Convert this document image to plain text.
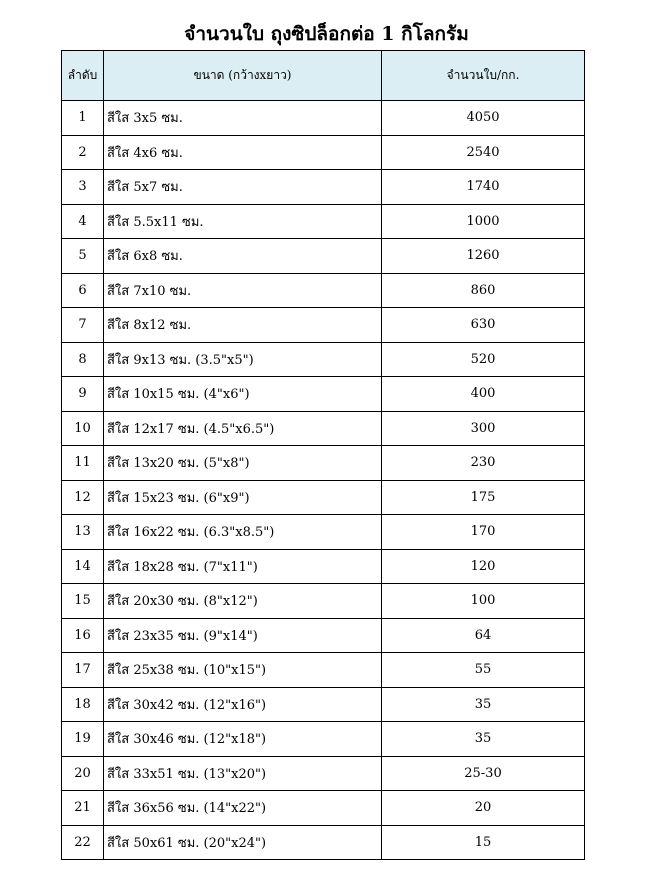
จำนวนใบ ถุงซิปล็อกต่อ 1 กิโลกรัม
ลำดับ	ขนาด (กว้างxยาว)	จำนวนใบ/กก.
1	สีใส 3x5 ซม.	4050
2	สีใส 4x6 ซม.	2540
3	สีใส 5x7 ซม.	1740
4	สีใส 5.5x11 ซม.	1000
5	สีใส 6x8 ซม.	1260
6	สีใส 7x10 ซม.	860
7	สีใส 8x12 ซม.	630
8	สีใส 9x13 ซม. (3.5"x5")	520
9	สีใส 10x15 ซม. (4"x6")	400
10	สีใส 12x17 ซม. (4.5"x6.5")	300
11	สีใส 13x20 ซม. (5"x8")	230
12	สีใส 15x23 ซม. (6"x9")	175
13	สีใส 16x22 ซม. (6.3"x8.5")	170
14	สีใส 18x28 ซม. (7"x11")	120
15	สีใส 20x30 ซม. (8"x12")	100
16	สีใส 23x35 ซม. (9"x14")	64
17	สีใส 25x38 ซม. (10"x15")	55
18	สีใส 30x42 ซม. (12"x16")	35
19	สีใส 30x46 ซม. (12"x18")	35
20	สีใส 33x51 ซม. (13"x20")	25-30
21	สีใส 36x56 ซม. (14"x22")	20
22	สีใส 50x61 ซม. (20"x24")	15
